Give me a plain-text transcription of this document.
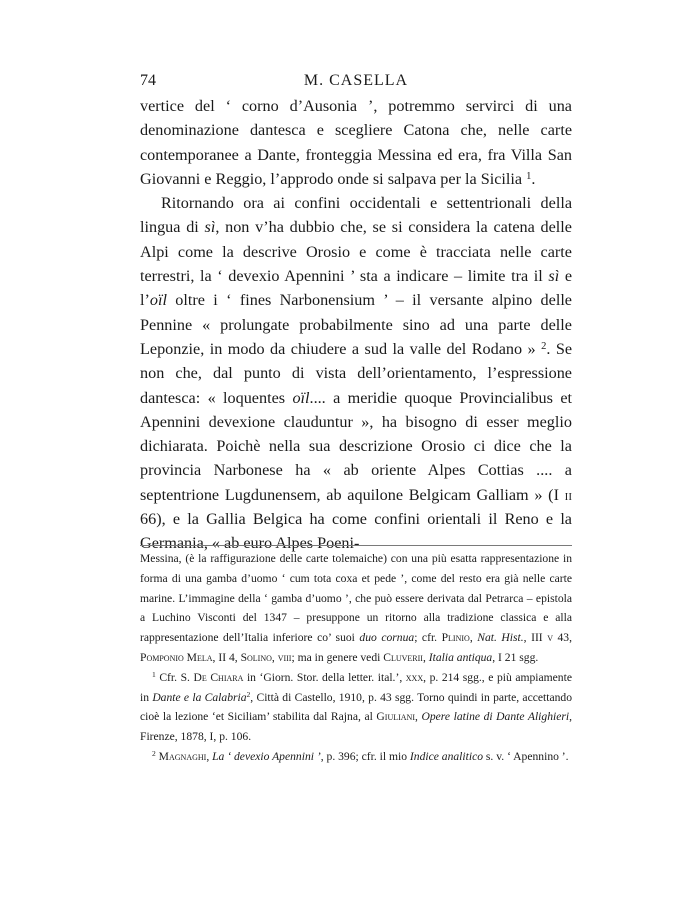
74	M. CASELLA

vertice del ‘ corno d’Ausonia ’, potremmo servirci di una denominazione dantesca e scegliere Catona che, nelle carte contemporanee a Dante, fronteggia Messina ed era, fra Villa San Giovanni e Reggio, l’approdo onde si salpava per la Sicilia $^1$.

Ritornando ora ai confini occidentali e settentrionali della lingua di sì, non v’ha dubbio che, se si considera la catena delle Alpi come la descrive Orosio e come è tracciata nelle carte terrestri, la ‘ devexio Apennini ’ sta a indicare – limite tra il sì e l’oïl oltre i ‘ fines Narbonensium ’ – il versante alpino delle Pennine « prolungate probabilmente sino ad una parte delle Leponzie, in modo da chiudere a sud la valle del Rodano » $^2$. Se non che, dal punto di vista dell’orientamento, l’espressione dantesca: « loquentes oïl.... a meridie quoque Provincialibus et Apennini devexione clauduntur », ha bisogno di esser meglio dichiarata. Poichè nella sua descrizione Orosio ci dice che la provincia Narbonese ha « ab oriente Alpes Cottias .... a septentrione Lugdunensem, ab aquilone Belgicam Galliam » (I ii 66), e la Gallia Belgica ha come confini orientali il Reno e la Germania, « ab euro Alpes Poeni-

Messina, (è la raffigurazione delle carte tolemaiche) con una più esatta rappresentazione in forma di una gamba d’uomo ‘ cum tota coxa et pede ’, come del resto era già nelle carte marine. L’immagine della ‘ gamba d’uomo ’, che può essere derivata dal Petrarca – epistola a Luchino Visconti del 1347 – presuppone un ritorno alla tradizione classica e alla rappresentazione dell’Italia inferiore co’ suoi duo cornua; cfr. Plinio, Nat. Hist., III v 43, Pomponio Mela, II 4, Solino, viii; ma in genere vedi Cluverii, Italia antiqua, I 21 sgg.

$^1$ Cfr. S. De Chiara in ‘Giorn. Stor. della letter. ital.’, xxx, p. 214 sgg., e più ampiamente in Dante e la Calabria$^2$, Città di Castello, 1910, p. 43 sgg. Torno quindi in parte, accettando cioè la lezione ‘et Siciliam’ stabilita dal Rajna, al Giuliani, Opere latine di Dante Alighieri, Firenze, 1878, I, p. 106.

$^2$ Magnaghi, La ‘ devexio Apennini ’, p. 396; cfr. il mio Indice analitico s. v. ‘ Apennino ’.
